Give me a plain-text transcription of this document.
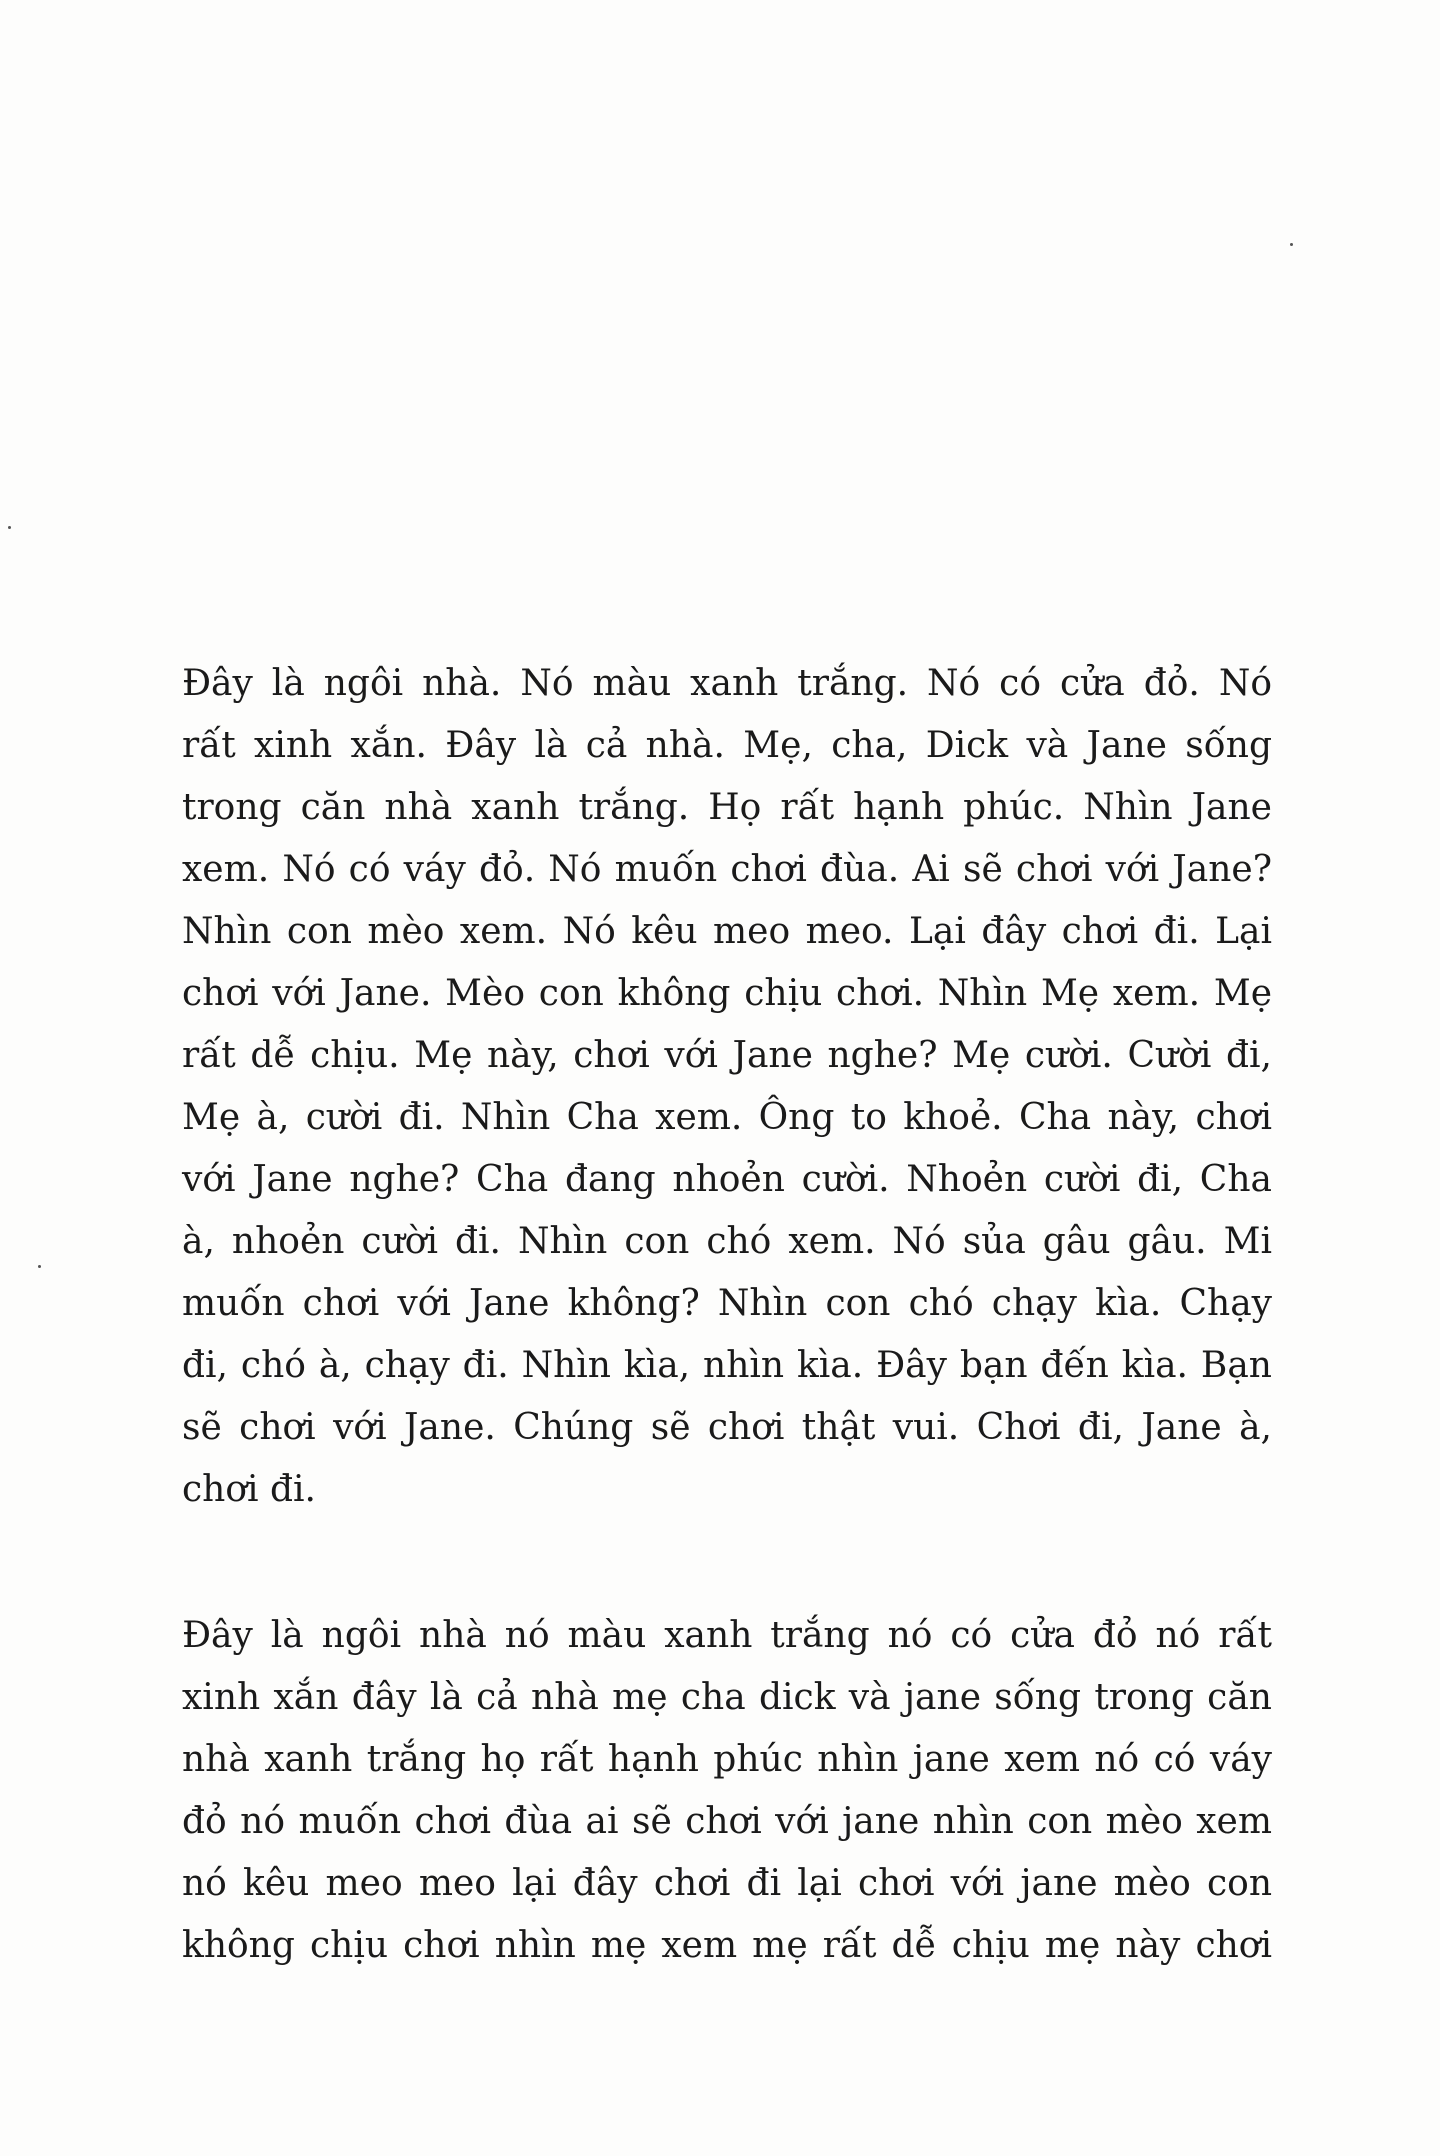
Đây là ngôi nhà. Nó màu xanh trắng. Nó có cửa đỏ. Nó
rất xinh xắn. Đây là cả nhà. Mẹ, cha, Dick và Jane sống
trong căn nhà xanh trắng. Họ rất hạnh phúc. Nhìn Jane
xem. Nó có váy đỏ. Nó muốn chơi đùa. Ai sẽ chơi với Jane?
Nhìn con mèo xem. Nó kêu meo meo. Lại đây chơi đi. Lại
chơi với Jane. Mèo con không chịu chơi. Nhìn Mẹ xem. Mẹ
rất dễ chịu. Mẹ này, chơi với Jane nghe? Mẹ cười. Cười đi,
Mẹ à, cười đi. Nhìn Cha xem. Ông to khoẻ. Cha này, chơi
với Jane nghe? Cha đang nhoẻn cười. Nhoẻn cười đi, Cha
à, nhoẻn cười đi. Nhìn con chó xem. Nó sủa gâu gâu. Mi
muốn chơi với Jane không? Nhìn con chó chạy kìa. Chạy
đi, chó à, chạy đi. Nhìn kìa, nhìn kìa. Đây bạn đến kìa. Bạn
sẽ chơi với Jane. Chúng sẽ chơi thật vui. Chơi đi, Jane à,
chơi đi.
Đây là ngôi nhà nó màu xanh trắng nó có cửa đỏ nó rất
xinh xắn đây là cả nhà mẹ cha dick và jane sống trong căn
nhà xanh trắng họ rất hạnh phúc nhìn jane xem nó có váy
đỏ nó muốn chơi đùa ai sẽ chơi với jane nhìn con mèo xem
nó kêu meo meo lại đây chơi đi lại chơi với jane mèo con
không chịu chơi nhìn mẹ xem mẹ rất dễ chịu mẹ này chơi
